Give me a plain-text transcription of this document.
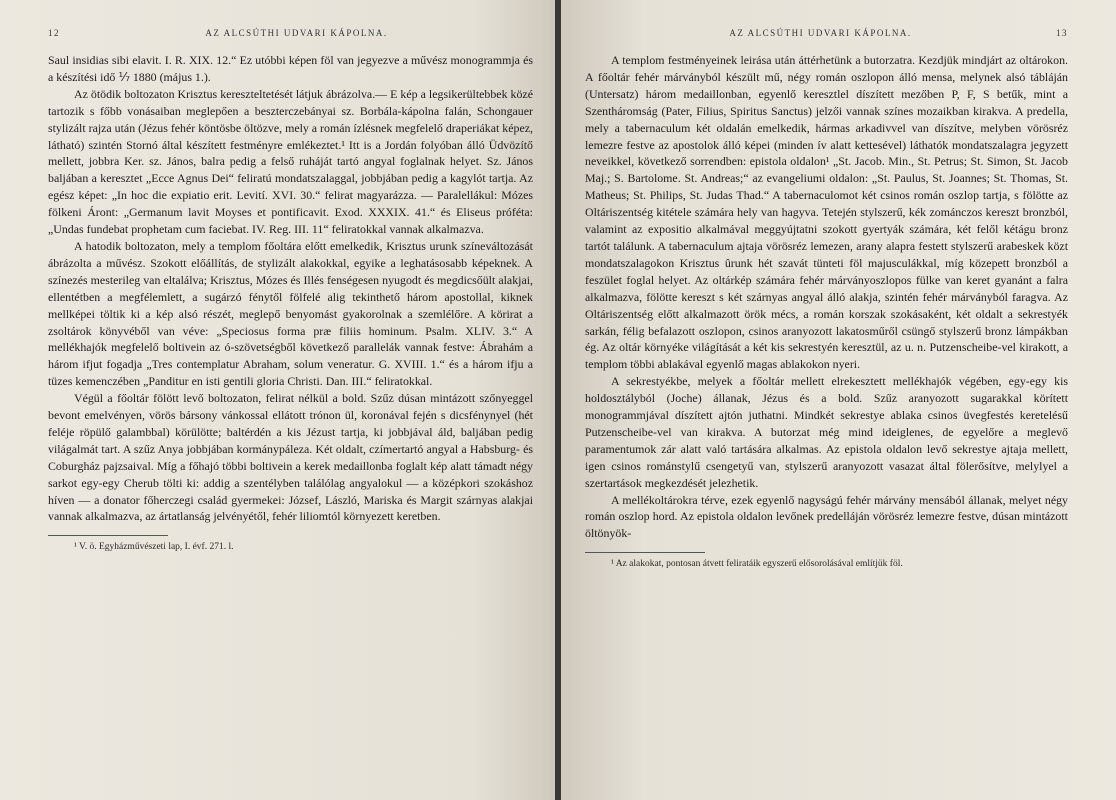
12	AZ ALCSÚTHI UDVARI KÁPOLNA.

Saul insidias sibi elavit. I. R. XIX. 12.“ Ez utóbbi képen föl van jegyezve a művész monogrammja és a készítési idő ⅐ 1880 (május 1.).

Az ötödik boltozaton Krisztus kereszteltetését látjuk ábrázolva.— E kép a legsikerültebbek közé tartozik s főbb vonásaiban meglepően a beszterczebányai sz. Borbála-kápolna falán, Schongauer stylizált rajza után (Jézus fehér köntösbe öltözve, mely a román ízlésnek megfelelő draperiákat képez, látható) szintén Stornó által készített festményre emlékeztet.¹ Itt is a Jordán folyóban álló Üdvözítő mellett, jobbra Ker. sz. János, balra pedig a felső ruháját tartó angyal foglalnak helyet. Sz. János baljában a keresztet „Ecce Agnus Dei“ feliratú mondatszalaggal, jobbjában pedig a kagylót tartja. Az egész képet: „In hoc die expiatio erit. Levití. XVI. 30.“ felirat magyarázza. — Paralellákul: Mózes fölkeni Áront: „Germanum lavit Moyses et pontificavit. Exod. XXXIX. 41.“ és Eliseus próféta: „Undas fundebat prophetam cum faciebat. IV. Reg. III. 11“ feliratokkal vannak alkalmazva.

A hatodik boltozaton, mely a templom főoltára előtt emelkedik, Krisztus urunk színeváltozását ábrázolta a művész. Szokott előállítás, de stylizált alakokkal, egyike a leghatásosabb képeknek. A színezés mesterileg van eltalálva; Krisztus, Mózes és Illés fenségesen nyugodt és megdicsőült alakjai, ellentétben a megfélemlett, a sugárzó fénytől fölfelé alig tekinthető három apostollal, kiknek mellképei töltik ki a kép alsó részét, meglepő benyomást gyakorolnak a szemlélőre. A körirat a zsoltárok könyvéből van véve: „Speciosus forma præ filiis hominum. Psalm. XLIV. 3.“ A mellékhajók megfelelő boltivein az ó-szövetségből következő parallelák vannak festve: Ábrahám a három ifjut fogadja „Tres contemplatur Abraham, solum veneratur. G. XVIII. 1.“ és a három ifju a tüzes kemenczében „Panditur en isti gentili gloria Christi. Dan. III.“ feliratokkal.

Végül a főoltár fölött levő boltozaton, felirat nélkül a bold. Szűz dúsan mintázott szőnyeggel bevont emelvényen, vörös bársony vánkossal ellátott trónon ül, koronával fején s dicsfénynyel (hét feléje röpülő galambbal) körülötte; baltérdén a kis Jézust tartja, ki jobbjával áld, baljában pedig világalmát tart. A szűz Anya jobbjában kormánypáleza. Két oldalt, czímertartó angyal a Habsburg- és Coburgház pajzsaival. Míg a főhajó többi boltivein a kerek medaillonba foglalt kép alatt támadt négy sarkot egy-egy Cherub tölti ki: addig a szentélyben találólag angyalokul — a középkori szokáshoz híven — a donator főherczegi család gyermekei: József, László, Mariska és Margit szárnyas alakjai vannak alkalmazva, az ártatlanság jelvényétől, fehér liliomtól környezett keretben.

¹ V. ö. Egyházművészeti lap, I. évf. 271. l.
AZ ALCSÚTHI UDVARI KÁPOLNA.	13

A templom festményeinek leirása után áttérhetünk a butorzatra. Kezdjük mindjárt az oltárokon. A főoltár fehér márványból készült mű, négy román oszlopon álló mensa, melynek alsó tábláján (Untersatz) három medaillonban, egyenlő keresztlel díszített mezőben P, F, S betűk, mint a Szentháromság (Pater, Filius, Spiritus Sanctus) jelzői vannak színes mozaikban kirakva. A predella, mely a tabernaculum két oldalán emelkedik, hármas arkadivvel van díszítve, melyben vörösréz lemezre festve az apostolok álló képei (minden ív alatt kettesével) láthatók mondatszalagra jegyzett neveikkel, következő sorrendben: epistola oldalon¹ „St. Jacob. Min., St. Petrus; St. Simon, St. Jacob Maj.; S. Bartolome. St. Andreas;“ az evangeliumi oldalon: „St. Paulus, St. Joannes; St. Thomas, St. Matheus; St. Philips, St. Judas Thad.“ A tabernaculomot két csinos román oszlop tartja, s fölötte az Oltáriszentség kitétele számára hely van hagyva. Tetején stylszerű, kék zománczos kereszt bronzból, valamint az expositio alkalmával meggyújtatni szokott gyertyák számára, két felől kétágu bronz tartót találunk. A tabernaculum ajtaja vörösréz lemezen, arany alapra festett stylszerű arabeskek közt mondatszalagokon Krisztus ûrunk hét szavát tünteti föl majusculákkal, míg közepett bronzból a feszület foglal helyet. Az oltárkép számára fehér márványoszlopos fülke van keret gyanánt a falra alkalmazva, fölötte kereszt s két szárnyas angyal álló alakja, szintén fehér márványból faragva. Az Oltáriszentség előtt alkalmazott örök mécs, a román korszak szokásaként, két oldalt a sekrestyék sarkán, félig befalazott oszlopon, csinos aranyozott lakatosműről csüngő stylszerű bronz lámpákban ég. Az oltár környéke világítását a két kis sekrestyén keresztül, az u. n. Putzenscheibe-vel kirakott, a templom többi ablakával egyenlő magas ablakokon nyeri.

A sekrestyékbe, melyek a főoltár mellett elrekesztett mellékhajók végében, egy-egy kis holdosztályból (Joche) állanak, Jézus és a bold. Szűz aranyozott sugarakkal körített monogrammjával díszített ajtón juthatni. Mindkét sekrestye ablaka csinos üvegfestés keretelésű Putzenscheibe-vel van kirakva. A butorzat még mind ideiglenes, de egyelőre a meglevő paramentumok zár alatt való tartására alkalmas. Az epistola oldalon levő sekrestye ajtaja mellett, igen csinos románstylű csengetyű van, stylszerű aranyozott vasazat által fölerősítve, melylyel a szertartások megkezdését jelezhetik.

A mellékoltárokra térve, ezek egyenlő nagyságú fehér márvány mensából állanak, melyet négy román oszlop hord. Az epistola oldalon levőnek predelláján vörösréz lemezre festve, dúsan mintázott öltönyök-

¹ Az alakokat, pontosan átvett feliratáik egyszerű elősorolásával említjük föl.
